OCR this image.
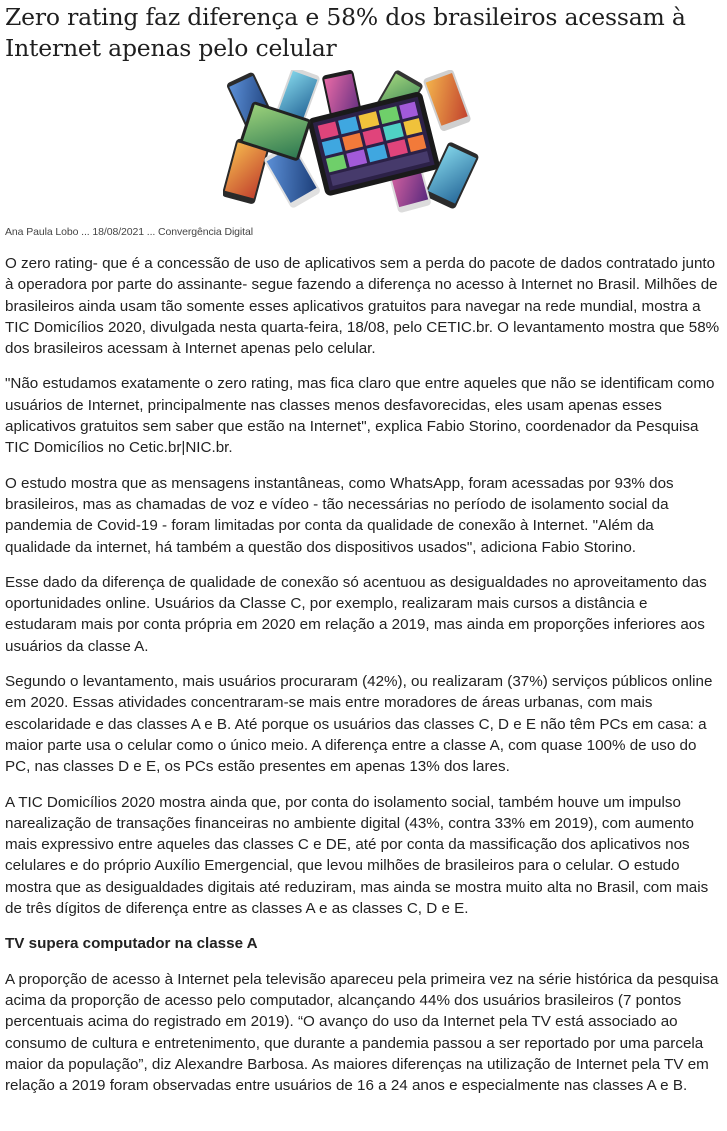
Zero rating faz diferença e 58% dos brasileiros acessam à Internet apenas pelo celular
Ana Paula Lobo ... 18/08/2021 ... Convergência Digital

O zero rating- que é a concessão de uso de aplicativos sem a perda do pacote de dados contratado junto à operadora por parte do assinante- segue fazendo a diferença no acesso à Internet no Brasil. Milhões de brasileiros ainda usam tão somente esses aplicativos gratuitos para navegar na rede mundial, mostra a TIC Domicílios 2020, divulgada nesta quarta-feira, 18/08, pelo CETIC.br. O levantamento mostra que 58% dos brasileiros acessam à Internet apenas pelo celular.

"Não estudamos exatamente o zero rating, mas fica claro que entre aqueles que não se identificam como usuários de Internet, principalmente nas classes menos desfavorecidas, eles usam apenas esses aplicativos gratuitos sem saber que estão na Internet", explica Fabio Storino, coordenador da Pesquisa TIC Domicílios no Cetic.br|NIC.br.

O estudo mostra que as mensagens instantâneas, como WhatsApp, foram acessadas por 93% dos brasileiros, mas as chamadas de voz e vídeo - tão necessárias no período de isolamento social da pandemia de Covid-19 - foram limitadas por conta da qualidade de conexão à Internet. "Além da qualidade da internet, há também a questão dos dispositivos usados", adiciona Fabio Storino.

Esse dado da diferença de qualidade de conexão só acentuou as desigualdades no aproveitamento das oportunidades online. Usuários da Classe C, por exemplo, realizaram mais cursos a distância e estudaram mais por conta própria em 2020 em relação a 2019, mas ainda em proporções inferiores aos usuários da classe A.

Segundo o levantamento, mais usuários procuraram (42%), ou realizaram (37%) serviços públicos online em 2020. Essas atividades concentraram-se mais entre moradores de áreas urbanas, com mais escolaridade e das classes A e B. Até porque os usuários das classes C, D e E não têm PCs em casa: a maior parte usa o celular como o único meio. A diferença entre a classe A, com quase 100% de uso do PC, nas classes D e E, os PCs estão presentes em apenas 13% dos lares.

A TIC Domicílios 2020 mostra ainda que, por conta do isolamento social, também houve um impulso narealização de transações financeiras no ambiente digital (43%, contra 33% em 2019), com aumento mais expressivo entre aqueles das classes C e DE, até por conta da massificação dos aplicativos nos celulares e do próprio Auxílio Emergencial, que levou milhões de brasileiros para o celular. O estudo mostra que as desigualdades digitais até reduziram, mas ainda se mostra muito alta no Brasil, com mais de três dígitos de diferença entre as classes A e as classes C, D e E.

TV supera computador na classe A

A proporção de acesso à Internet pela televisão apareceu pela primeira vez na série histórica da pesquisa acima da proporção de acesso pelo computador, alcançando 44% dos usuários brasileiros (7 pontos percentuais acima do registrado em 2019). “O avanço do uso da Internet pela TV está associado ao consumo de cultura e entretenimento, que durante a pandemia passou a ser reportado por uma parcela maior da população”, diz Alexandre Barbosa. As maiores diferenças na utilização de Internet pela TV em relação a 2019 foram observadas entre usuários de 16 a 24 anos e especialmente nas classes A e B.
